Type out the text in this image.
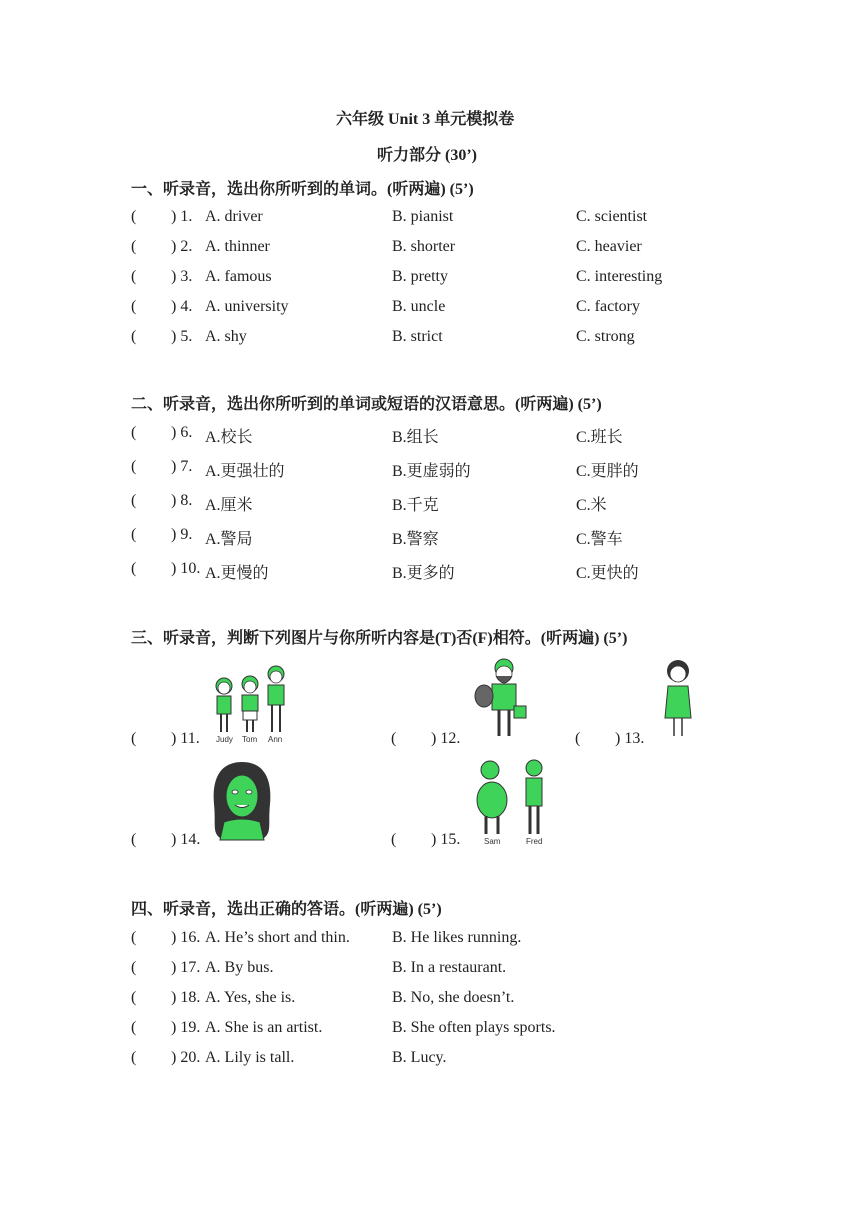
六年级 Unit 3 单元模拟卷
听力部分 (30’)
一、听录音，选出你所听到的单词。(听两遍) (5’)
( ) 1. A. driver	B. pianist	C. scientist
( ) 2. A. thinner	B. shorter	C. heavier
( ) 3. A. famous	B. pretty	C. interesting
( ) 4. A. university	B. uncle	C. factory
( ) 5. A. shy	B. strict	C. strong
二、听录音，选出你所听到的单词或短语的汉语意思。(听两遍) (5’)
( ) 6. A.校长	B.组长	C.班长
( ) 7. A.更强壮的	B.更虚弱的	C.更胖的
( ) 8. A.厘米	B.千克	C.米
( ) 9. A.警局	B.警察	C.警车
( ) 10. A.更慢的	B.更多的	C.更快的
三、听录音，判断下列图片与你所听内容是(T)否(F)相符。(听两遍) (5’)
( ) 11. Judy Tom Ann	( ) 12.	( ) 13.
( ) 14.	( ) 15.	Sam	Fred
四、听录音，选出正确的答语。(听两遍) (5’)
( ) 16. A. He’s short and thin.	B. He likes running.
( ) 17. A. By bus.	B. In a restaurant.
( ) 18. A. Yes, she is.	B. No, she doesn’t.
( ) 19. A. She is an artist.	B. She often plays sports.
( ) 20. A. Lily is tall.	B. Lucy.
